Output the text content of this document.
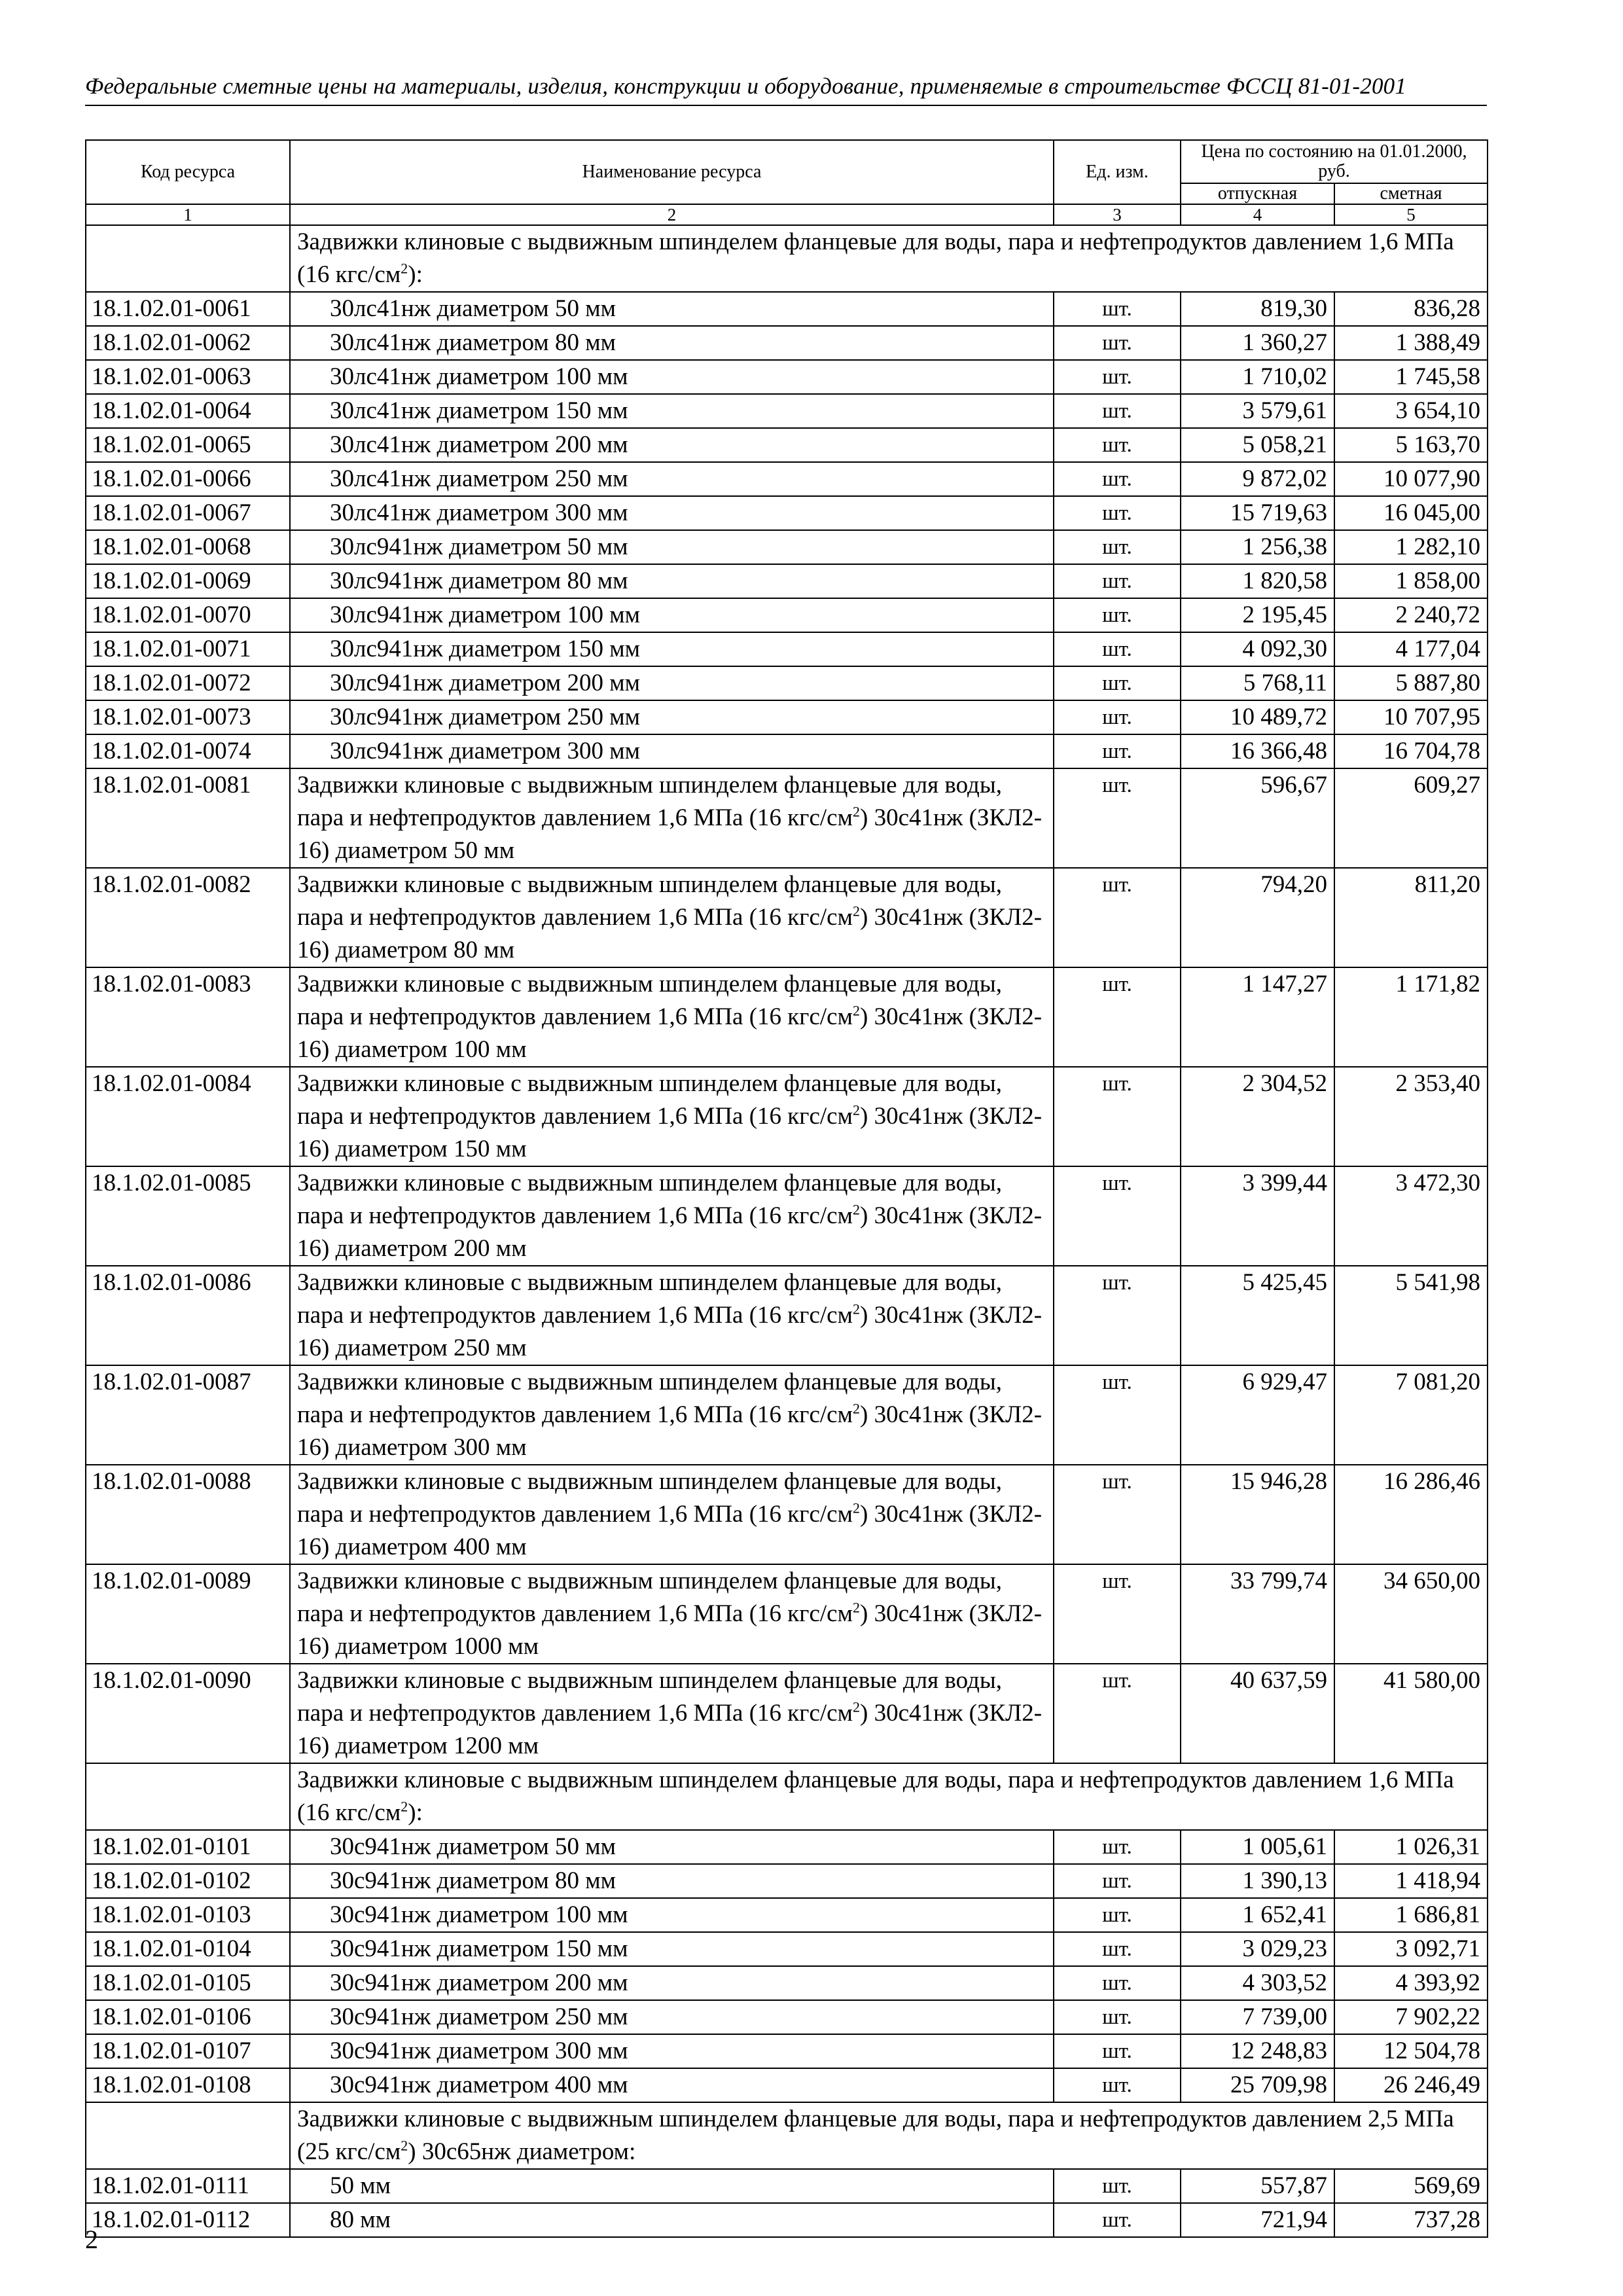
Федеральные сметные цены на материалы, изделия, конструкции и оборудование, применяемые в строительстве ФССЦ 81-01-2001
Код ресурса	Наименование ресурса	Ед. изм.	Цена по состоянию на 01.01.2000, руб.	
			отпускная	сметная
1	2	3	4	5
	Задвижки клиновые с выдвижным шпинделем фланцевые для воды, пара и нефтепродуктов давлением 1,6 МПа (16 кгс/$см^2$):			
18.1.02.01-0061	30лс41нж диаметром 50 мм	шт.	819,30	836,28
18.1.02.01-0062	30лс41нж диаметром 80 мм	шт.	1 360,27	1 388,49
18.1.02.01-0063	30лс41нж диаметром 100 мм	шт.	1 710,02	1 745,58
18.1.02.01-0064	30лс41нж диаметром 150 мм	шт.	3 579,61	3 654,10
18.1.02.01-0065	30лс41нж диаметром 200 мм	шт.	5 058,21	5 163,70
18.1.02.01-0066	30лс41нж диаметром 250 мм	шт.	9 872,02	10 077,90
18.1.02.01-0067	30лс41нж диаметром 300 мм	шт.	15 719,63	16 045,00
18.1.02.01-0068	30лс941нж диаметром 50 мм	шт.	1 256,38	1 282,10
18.1.02.01-0069	30лс941нж диаметром 80 мм	шт.	1 820,58	1 858,00
18.1.02.01-0070	30лс941нж диаметром 100 мм	шт.	2 195,45	2 240,72
18.1.02.01-0071	30лс941нж диаметром 150 мм	шт.	4 092,30	4 177,04
18.1.02.01-0072	30лс941нж диаметром 200 мм	шт.	5 768,11	5 887,80
18.1.02.01-0073	30лс941нж диаметром 250 мм	шт.	10 489,72	10 707,95
18.1.02.01-0074	30лс941нж диаметром 300 мм	шт.	16 366,48	16 704,78
18.1.02.01-0081	Задвижки клиновые с выдвижным шпинделем фланцевые для воды, пара и нефтепродуктов давлением 1,6 МПа (16 кгс/$см^2$) 30с41нж (ЗКЛ2-16) диаметром 50 мм	шт.	596,67	609,27
18.1.02.01-0082	Задвижки клиновые с выдвижным шпинделем фланцевые для воды, пара и нефтепродуктов давлением 1,6 МПа (16 кгс/$см^2$) 30с41нж (ЗКЛ2-16) диаметром 80 мм	шт.	794,20	811,20
18.1.02.01-0083	Задвижки клиновые с выдвижным шпинделем фланцевые для воды, пара и нефтепродуктов давлением 1,6 МПа (16 кгс/$см^2$) 30с41нж (ЗКЛ2-16) диаметром 100 мм	шт.	1 147,27	1 171,82
18.1.02.01-0084	Задвижки клиновые с выдвижным шпинделем фланцевые для воды, пара и нефтепродуктов давлением 1,6 МПа (16 кгс/$см^2$) 30с41нж (ЗКЛ2-16) диаметром 150 мм	шт.	2 304,52	2 353,40
18.1.02.01-0085	Задвижки клиновые с выдвижным шпинделем фланцевые для воды, пара и нефтепродуктов давлением 1,6 МПа (16 кгс/$см^2$) 30с41нж (ЗКЛ2-16) диаметром 200 мм	шт.	3 399,44	3 472,30
18.1.02.01-0086	Задвижки клиновые с выдвижным шпинделем фланцевые для воды, пара и нефтепродуктов давлением 1,6 МПа (16 кгс/$см^2$) 30с41нж (ЗКЛ2-16) диаметром 250 мм	шт.	5 425,45	5 541,98
18.1.02.01-0087	Задвижки клиновые с выдвижным шпинделем фланцевые для воды, пара и нефтепродуктов давлением 1,6 МПа (16 кгс/$см^2$) 30с41нж (ЗКЛ2-16) диаметром 300 мм	шт.	6 929,47	7 081,20
18.1.02.01-0088	Задвижки клиновые с выдвижным шпинделем фланцевые для воды, пара и нефтепродуктов давлением 1,6 МПа (16 кгс/$см^2$) 30с41нж (ЗКЛ2-16) диаметром 400 мм	шт.	15 946,28	16 286,46
18.1.02.01-0089	Задвижки клиновые с выдвижным шпинделем фланцевые для воды, пара и нефтепродуктов давлением 1,6 МПа (16 кгс/$см^2$) 30с41нж (ЗКЛ2-16) диаметром 1000 мм	шт.	33 799,74	34 650,00
18.1.02.01-0090	Задвижки клиновые с выдвижным шпинделем фланцевые для воды, пара и нефтепродуктов давлением 1,6 МПа (16 кгс/$см^2$) 30с41нж (ЗКЛ2-16) диаметром 1200 мм	шт.	40 637,59	41 580,00
	Задвижки клиновые с выдвижным шпинделем фланцевые для воды, пара и нефтепродуктов давлением 1,6 МПа (16 кгс/$см^2$):			
18.1.02.01-0101	30с941нж диаметром 50 мм	шт.	1 005,61	1 026,31
18.1.02.01-0102	30с941нж диаметром 80 мм	шт.	1 390,13	1 418,94
18.1.02.01-0103	30с941нж диаметром 100 мм	шт.	1 652,41	1 686,81
18.1.02.01-0104	30с941нж диаметром 150 мм	шт.	3 029,23	3 092,71
18.1.02.01-0105	30с941нж диаметром 200 мм	шт.	4 303,52	4 393,92
18.1.02.01-0106	30с941нж диаметром 250 мм	шт.	7 739,00	7 902,22
18.1.02.01-0107	30с941нж диаметром 300 мм	шт.	12 248,83	12 504,78
18.1.02.01-0108	30с941нж диаметром 400 мм	шт.	25 709,98	26 246,49
	Задвижки клиновые с выдвижным шпинделем фланцевые для воды, пара и нефтепродуктов давлением 2,5 МПа (25 кгс/$см^2$) 30с65нж диаметром:			
18.1.02.01-0111	50 мм	шт.	557,87	569,69
18.1.02.01-0112	80 мм	шт.	721,94	737,28
2
